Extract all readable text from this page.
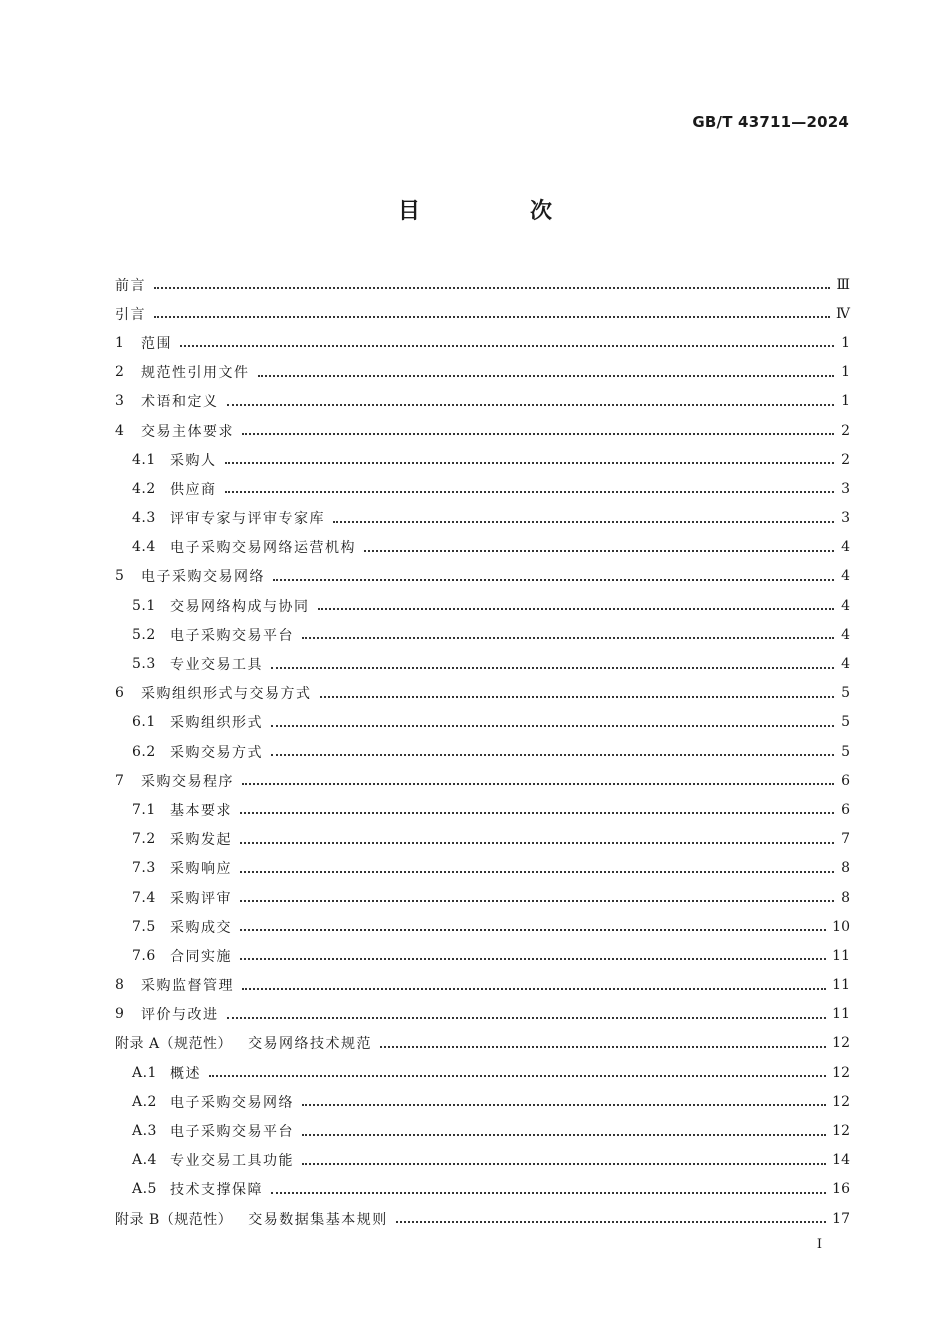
GB/T 43711—2024
目　次
前言	Ⅲ
引言	Ⅳ
1	范围	1
2	规范性引用文件	1
3	术语和定义	1
4	交易主体要求	2
4.1	采购人	2
4.2	供应商	3
4.3	评审专家与评审专家库	3
4.4	电子采购交易网络运营机构	4
5	电子采购交易网络	4
5.1	交易网络构成与协同	4
5.2	电子采购交易平台	4
5.3	专业交易工具	4
6	采购组织形式与交易方式	5
6.1	采购组织形式	5
6.2	采购交易方式	5
7	采购交易程序	6
7.1	基本要求	6
7.2	采购发起	7
7.3	采购响应	8
7.4	采购评审	8
7.5	采购成交	10
7.6	合同实施	11
8	采购监督管理	11
9	评价与改进	11
附录 A（规范性） 交易网络技术规范	12
A.1 概述	12
A.2 电子采购交易网络	12
A.3 电子采购交易平台	12
A.4 专业交易工具功能	14
A.5 技术支撑保障	16
附录 B（规范性） 交易数据集基本规则	17
Ⅰ
